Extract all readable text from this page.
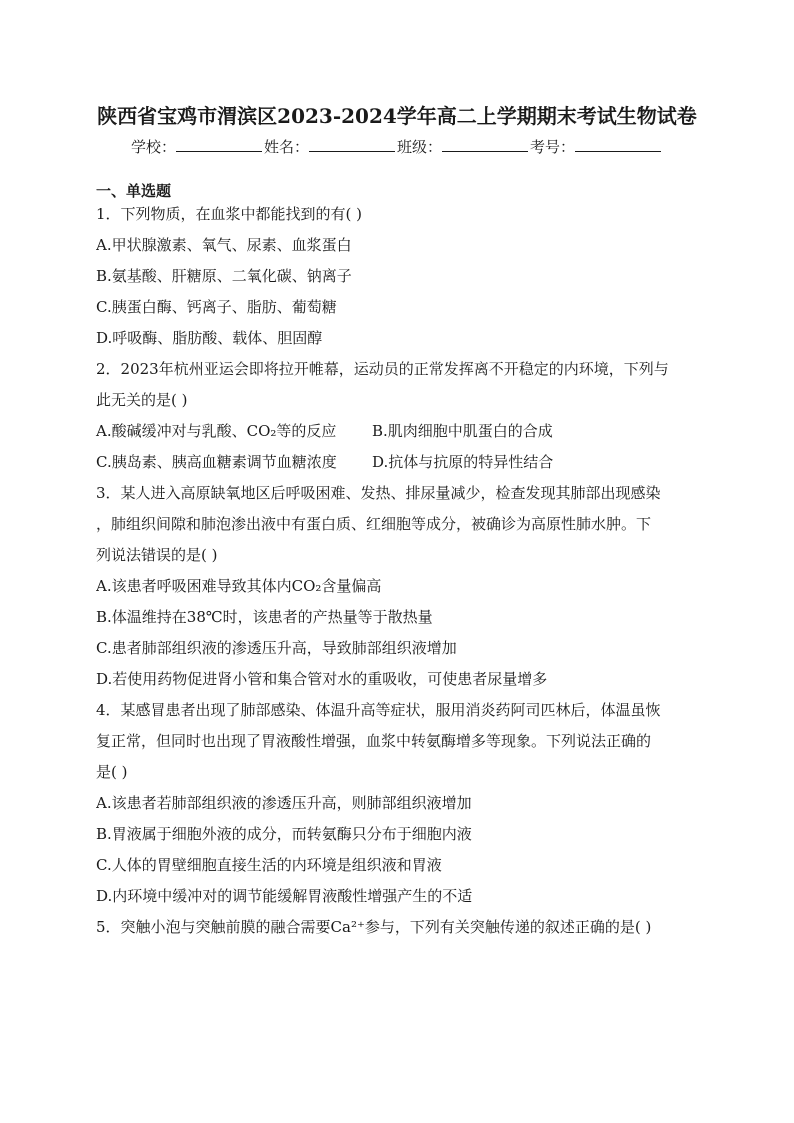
陕西省宝鸡市渭滨区2023-2024学年高二上学期期末考试生物试卷
学校：	姓名：	班级：	考号：
一、单选题
1．下列物质，在血浆中都能找到的有( )
A.甲状腺激素、氧气、尿素、血浆蛋白
B.氨基酸、肝糖原、二氧化碳、钠离子
C.胰蛋白酶、钙离子、脂肪、葡萄糖
D.呼吸酶、脂肪酸、载体、胆固醇
2．2023年杭州亚运会即将拉开帷幕，运动员的正常发挥离不开稳定的内环境，下列与
此无关的是( )
A.酸碱缓冲对与乳酸、CO₂等的反应 B.肌肉细胞中肌蛋白的合成
C.胰岛素、胰高血糖素调节血糖浓度 D.抗体与抗原的特异性结合
3．某人进入高原缺氧地区后呼吸困难、发热、排尿量减少，检查发现其肺部出现感染
，肺组织间隙和肺泡渗出液中有蛋白质、红细胞等成分，被确诊为高原性肺水肿。下
列说法错误的是( )
A.该患者呼吸困难导致其体内CO₂含量偏高
B.体温维持在38℃时，该患者的产热量等于散热量
C.患者肺部组织液的渗透压升高，导致肺部组织液增加
D.若使用药物促进肾小管和集合管对水的重吸收，可使患者尿量增多
4．某感冒患者出现了肺部感染、体温升高等症状，服用消炎药阿司匹林后，体温虽恢
复正常，但同时也出现了胃液酸性增强，血浆中转氨酶增多等现象。下列说法正确的
是( )
A.该患者若肺部组织液的渗透压升高，则肺部组织液增加
B.胃液属于细胞外液的成分，而转氨酶只分布于细胞内液
C.人体的胃壁细胞直接生活的内环境是组织液和胃液
D.内环境中缓冲对的调节能缓解胃液酸性增强产生的不适
5．突触小泡与突触前膜的融合需要Ca²⁺参与，下列有关突触传递的叙述正确的是( )
